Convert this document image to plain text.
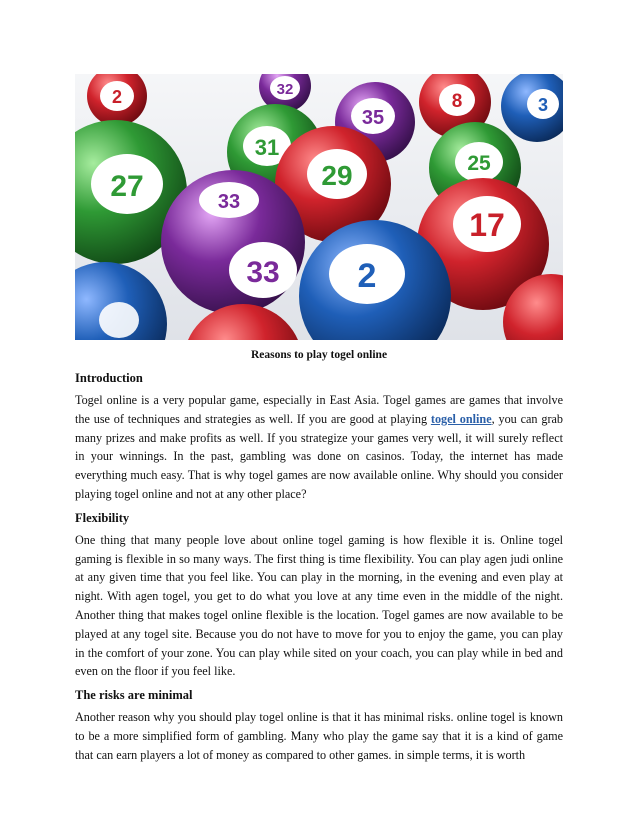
2	32
35
8	3
31
29	25
27	33
33
17
2
Reasons to play togel online
Introduction

Togel online is a very popular game, especially in East Asia. Togel games are games that involve the use of techniques and strategies as well. If you are good at playing togel online, you can grab many prizes and make profits as well. If you strategize your games very well, it will surely reflect in your winnings. In the past, gambling was done on casinos. Today, the internet has made everything much easy. That is why togel games are now available online. Why should you consider playing togel online and not at any other place?

Flexibility

One thing that many people love about online togel gaming is how flexible it is. Online togel gaming is flexible in so many ways. The first thing is time flexibility. You can play agen judi online at any given time that you feel like. You can play in the morning, in the evening and even play at night. With agen togel, you get to do what you love at any time even in the middle of the night. Another thing that makes togel online flexible is the location. Togel games are now available to be played at any togel site. Because you do not have to move for you to enjoy the game, you can play in the comfort of your zone. You can play while sited on your coach, you can play while in bed and even on the floor if you feel like.

The risks are minimal

Another reason why you should play togel online is that it has minimal risks. online togel is known to be a more simplified form of gambling. Many who play the game say that it is a kind of game that can earn players a lot of money as compared to other games. in simple terms, it is worth
